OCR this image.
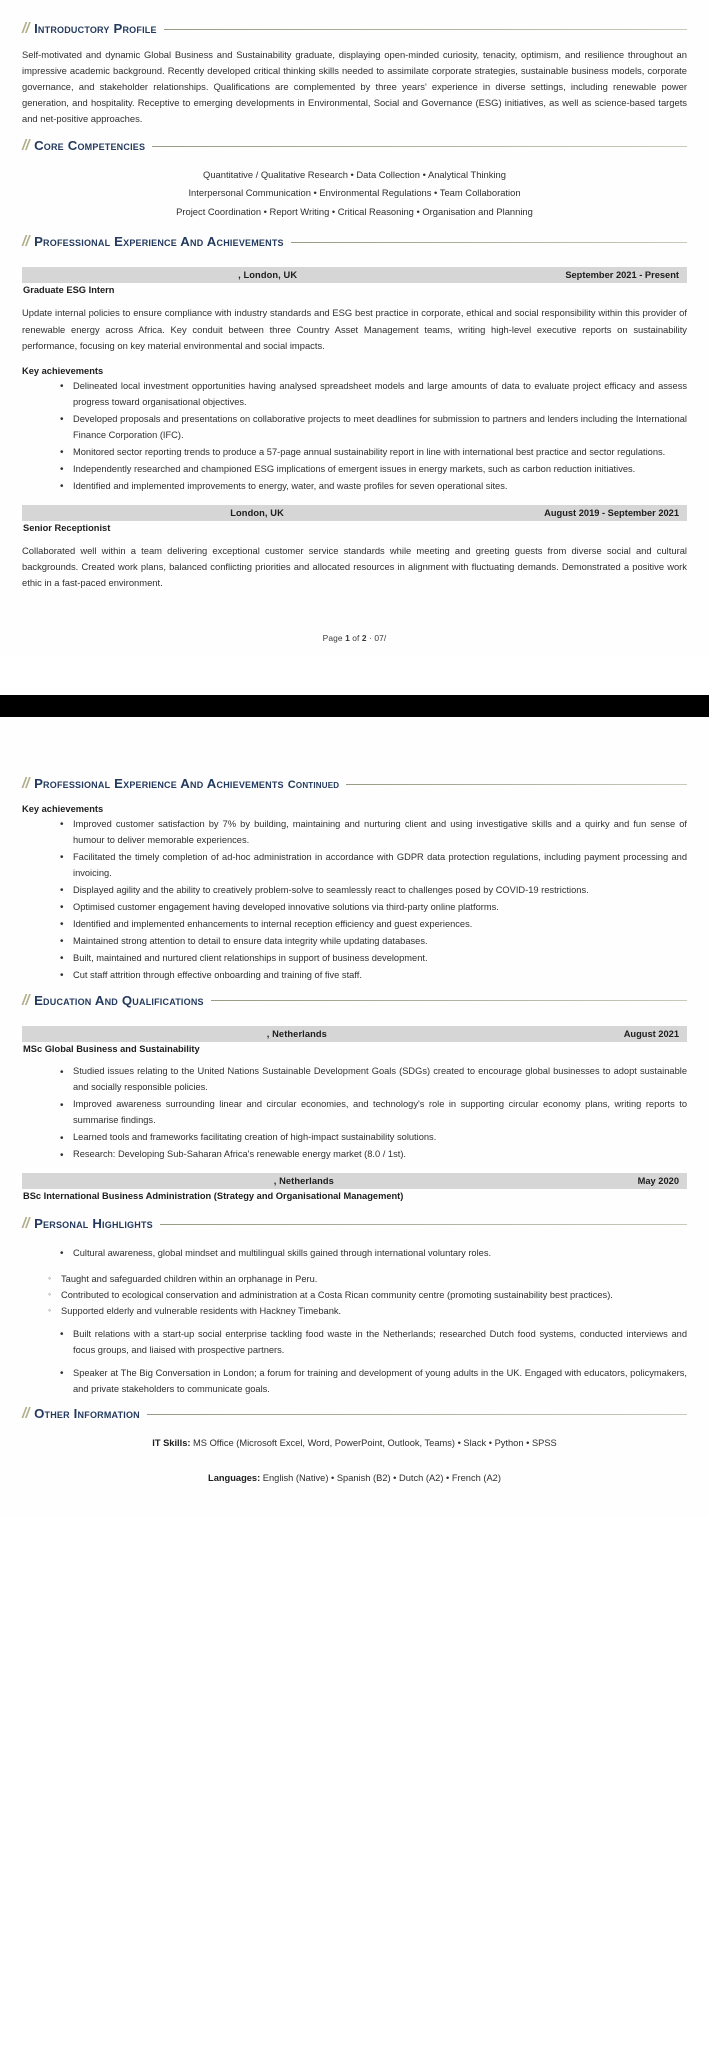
// Introductory Profile

Self-motivated and dynamic Global Business and Sustainability graduate, displaying open-minded curiosity, tenacity, optimism, and resilience throughout an impressive academic background. Recently developed critical thinking skills needed to assimilate corporate strategies, sustainable business models, corporate governance, and stakeholder relationships. Qualifications are complemented by three years' experience in diverse settings, including renewable power generation, and hospitality. Receptive to emerging developments in Environmental, Social and Governance (ESG) initiatives, as well as science-based targets and net-positive approaches.

// Core Competencies
Quantitative / Qualitative Research • Data Collection • Analytical Thinking
Interpersonal Communication • Environmental Regulations • Team Collaboration
Project Coordination • Report Writing • Critical Reasoning • Organisation and Planning
// Professional Experience And Achievements
, London, UK	September 2021 - Present
Graduate ESG Intern

Update internal policies to ensure compliance with industry standards and ESG best practice in corporate, ethical and social responsibility within this provider of renewable energy across Africa. Key conduit between three Country Asset Management teams, writing high-level executive reports on sustainability performance, focusing on key material environmental and social impacts.

Key achievements
• Delineated local investment opportunities having analysed spreadsheet models and large amounts of data to evaluate project efficacy and assess progress toward organisational objectives.
• Developed proposals and presentations on collaborative projects to meet deadlines for submission to partners and lenders including the International Finance Corporation (IFC).
• Monitored sector reporting trends to produce a 57-page annual sustainability report in line with international best practice and sector regulations.
• Independently researched and championed ESG implications of emergent issues in energy markets, such as carbon reduction initiatives.
• Identified and implemented improvements to energy, water, and waste profiles for seven operational sites.
London, UK	August 2019 - September 2021
Senior Receptionist

Collaborated well within a team delivering exceptional customer service standards while meeting and greeting guests from diverse social and cultural backgrounds. Created work plans, balanced conflicting priorities and allocated resources in alignment with fluctuating demands. Demonstrated a positive work ethic in a fast-paced environment.

Page 1 of 2 · 07/
// Professional Experience And Achievements Continued
Key achievements
• Improved customer satisfaction by 7% by building, maintaining and nurturing client and using investigative skills and a quirky and fun sense of humour to deliver memorable experiences.
• Facilitated the timely completion of ad-hoc administration in accordance with GDPR data protection regulations, including payment processing and invoicing.
• Displayed agility and the ability to creatively problem-solve to seamlessly react to challenges posed by COVID-19 restrictions.
• Optimised customer engagement having developed innovative solutions via third-party online platforms.
• Identified and implemented enhancements to internal reception efficiency and guest experiences.
• Maintained strong attention to detail to ensure data integrity while updating databases.
• Built, maintained and nurtured client relationships in support of business development.
• Cut staff attrition through effective onboarding and training of five staff.
// Education And Qualifications
, Netherlands	August 2021
MSc Global Business and Sustainability
• Studied issues relating to the United Nations Sustainable Development Goals (SDGs) created to encourage global businesses to adopt sustainable and socially responsible policies.
• Improved awareness surrounding linear and circular economies, and technology's role in supporting circular economy plans, writing reports to summarise findings.
• Learned tools and frameworks facilitating creation of high-impact sustainability solutions.
• Research: Developing Sub-Saharan Africa's renewable energy market (8.0 / 1st).
, Netherlands	May 2020
BSc International Business Administration (Strategy and Organisational Management)
// Personal Highlights
• Cultural awareness, global mindset and multilingual skills gained through international voluntary roles.
◦ Taught and safeguarded children within an orphanage in Peru.
◦ Contributed to ecological conservation and administration at a Costa Rican community centre (promoting sustainability best practices).
◦ Supported elderly and vulnerable residents with Hackney Timebank.
• Built relations with a start-up social enterprise tackling food waste in the Netherlands; researched Dutch food systems, conducted interviews and focus groups, and liaised with prospective partners.
• Speaker at The Big Conversation in London; a forum for training and development of young adults in the UK. Engaged with educators, policymakers, and private stakeholders to communicate goals.
// Other Information
IT Skills: MS Office (Microsoft Excel, Word, PowerPoint, Outlook, Teams) • Slack • Python • SPSS
Languages: English (Native) • Spanish (B2) • Dutch (A2) • French (A2)
